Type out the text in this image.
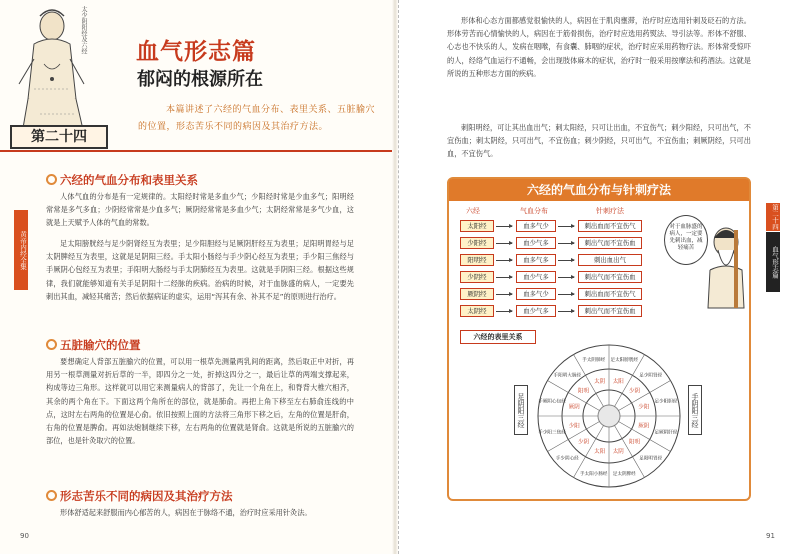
太少阴阳经及六经 血气形志篇
郁闷的根源所在
第二十四
本篇讲述了六经的气血分布、表里关系、五脏腧穴的位置，形态苦乐不同的病因及其治疗方法。
六经的气血分布和表里关系
人体气血的分布是有一定规律的。太阳经时常是多血少气；少阳经时常是少血多气；阳明经常常是多气多血；少阴经常常是少血多气；厥阴经常常是多血少气；太阴经常常是多气少血，这就是上天赋予人体的气血的常数。
足太阳膀胱经与足少阴肾经互为表里；足少阳胆经与足厥阴肝经互为表里；足阳明胃经与足太阴脾经互为表里，这就是足阴阳三经。手太阳小肠经与手少阴心经互为表里；手少阳三焦经与手厥阴心包经互为表里；手阳明大肠经与手太阴肺经互为表里。这就是手阴阳三经。根据这些规律，我们就能够知道有关手足阴阳十二经脉的疾病。治病的时候，对于血脉盛的病人，一定要先刺出其血，减轻其痛苦；然后依据病证的虚实，运用“泻其有余、补其不足”的原则进行治疗。
五脏腧穴的位置
要想确定人背部五脏腧穴的位置，可以用一根草先测量两乳间的距离，然后取正中对折，再用另一根草测量对折后草的一半，即四分之一处，折掉这四分之一，最后让草的两端支撑起来，构成等边三角形。这样就可以用它来测量病人的背部了，先让一个角在上，和脊背大椎穴相齐，其余的两个角在下。下面这两个角所在的部位，就是肺俞。再把上角下移至左右肺俞连线的中点，这时左右两角的位置是心俞。依旧按照上面的方法将三角形下移之后，左角的位置是肝俞，右角的位置是脾俞。再如法炮制继续下移，左右两角的位置就是肾俞。这就是所说的五脏腧穴的部位，也是针灸取穴的位置。
形志苦乐不同的病因及其治疗方法
形体舒适起来舒服而内心郁苦的人，病因在于脉络不通，治疗时应采用针灸法。
黄帝内经全集
90
形体和心态方面都感觉很愉快的人，病因在于肌肉壅滞，治疗时应选用针刺及砭石的方法。形体劳苦而心情愉快的人，病因在于筋骨损伤，治疗时应选用药熨法、导引法等。形体不舒服、心志也不快乐的人，发病在咽喉，有食囊、肺咽的症状，治疗时应采用药物疗法。形体常受惊吓的人，经络气血运行不通畅，会出现肢体麻木的症状，治疗时一般采用按摩法和药酒法。这就是所说的五种形志方面的疾病。
刺阳明经，可让其出血出气；刺太阳经，只可让出血，不宜伤气；刺少阳经，只可出气，不宜伤血；刺太阴经，只可出气，不宜伤血；刺少阴经，只可出气，不宜伤血；刺厥阴经，只可出血，不宜伤气。
第二十四
血气形志篇
91
六经的气血分布与针刺疗法
六经	气血分布	针刺疗法
太阳经	血多气少	刺出血而不宜伤气
少阳经	血少气多	刺出气而不宜伤血
阳明经	血多气多	刺出血出气
少阴经	血少气多	刺出气而不宜伤血
厥阴经	血多气少	刺出血而不宜伤气
太阴经	血少气多	刺出气而不宜伤血
对于血脉盛的病人，一定要先刺出血，减轻痛苦
六经的表里关系
足阴阳三经	手阴阳三经
足太阳膀胱经
太阳
足少阴肾经
少阴
足少阳胆经
少阳
足厥阴肝经
厥阴
足阳明胃经
阳明
足太阴脾经
太阴
手太阳小肠经
太阳
手少阴心经
少阴
手少阳三焦经
少阳
手厥阴心包经
厥阴
手阳明大肠经
阳明
手太阴肺经
太阴
